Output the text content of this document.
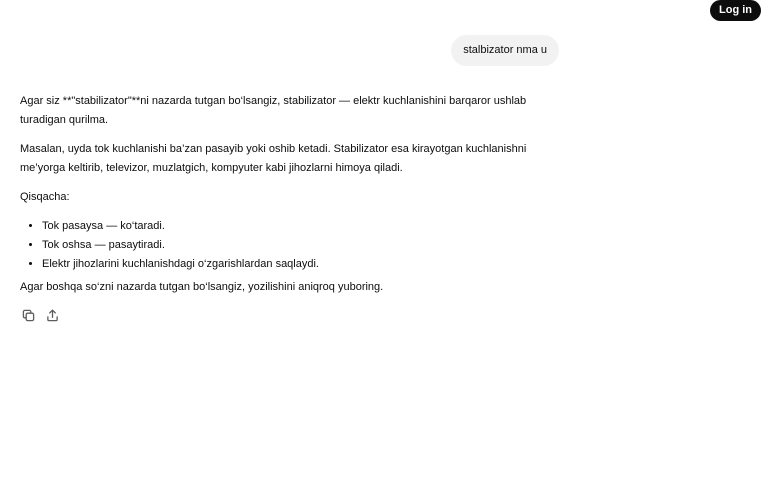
Log in
stalbizator nma u

Agar siz **"stabilizator"**ni nazarda tutgan bo‘lsangiz, stabilizator — elektr kuchlanishini barqaror ushlab
turadigan qurilma.

Masalan, uyda tok kuchlanishi ba’zan pasayib yoki oshib ketadi. Stabilizator esa kirayotgan kuchlanishni
me’yorga keltirib, televizor, muzlatgich, kompyuter kabi jihozlarni himoya qiladi.

Qisqacha:

• Tok pasaysa — ko‘taradi.
• Tok oshsa — pasaytiradi.
• Elektr jihozlarini kuchlanishdagi o‘zgarishlardan saqlaydi.

Agar boshqa so‘zni nazarda tutgan bo‘lsangiz, yozilishini aniqroq yuboring.
